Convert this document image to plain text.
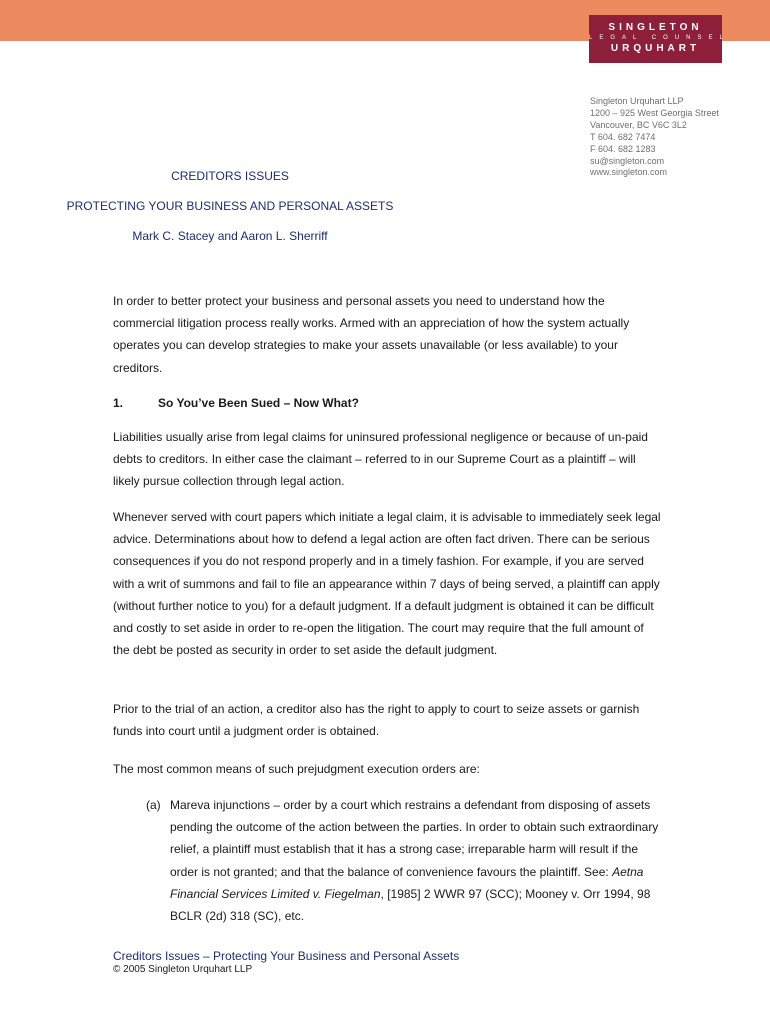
SINGLETON
LEGAL COUNSEL
URQUHART
Singleton Urquhart LLP
1200 – 925 West Georgia Street
Vancouver, BC V6C 3L2
T 604. 682 7474
F 604. 682 1283
su@singleton.com
www.singleton.com
CREDITORS ISSUES
PROTECTING YOUR BUSINESS AND PERSONAL ASSETS
Mark C. Stacey and Aaron L. Sherriff

In order to better protect your business and personal assets you need to understand how the commercial litigation process really works. Armed with an appreciation of how the system actually operates you can develop strategies to make your assets unavailable (or less available) to your creditors.

1.	So You’ve Been Sued – Now What?

Liabilities usually arise from legal claims for uninsured professional negligence or because of un-paid debts to creditors. In either case the claimant – referred to in our Supreme Court as a plaintiff – will likely pursue collection through legal action.

Whenever served with court papers which initiate a legal claim, it is advisable to immediately seek legal advice. Determinations about how to defend a legal action are often fact driven. There can be serious consequences if you do not respond properly and in a timely fashion. For example, if you are served with a writ of summons and fail to file an appearance within 7 days of being served, a plaintiff can apply (without further notice to you) for a default judgment. If a default judgment is obtained it can be difficult and costly to set aside in order to re-open the litigation. The court may require that the full amount of the debt be posted as security in order to set aside the default judgment.

Prior to the trial of an action, a creditor also has the right to apply to court to seize assets or garnish funds into court until a judgment order is obtained.

The most common means of such prejudgment execution orders are:

(a) Mareva injunctions – order by a court which restrains a defendant from disposing of assets pending the outcome of the action between the parties. In order to obtain such extraordinary relief, a plaintiff must establish that it has a strong case; irreparable harm will result if the order is not granted; and that the balance of convenience favours the plaintiff. See: Aetna Financial Services Limited v. Fiegelman, [1985] 2 WWR 97 (SCC); Mooney v. Orr 1994, 98 BCLR (2d) 318 (SC), etc.
Creditors Issues – Protecting Your Business and Personal Assets
© 2005 Singleton Urquhart LLP
